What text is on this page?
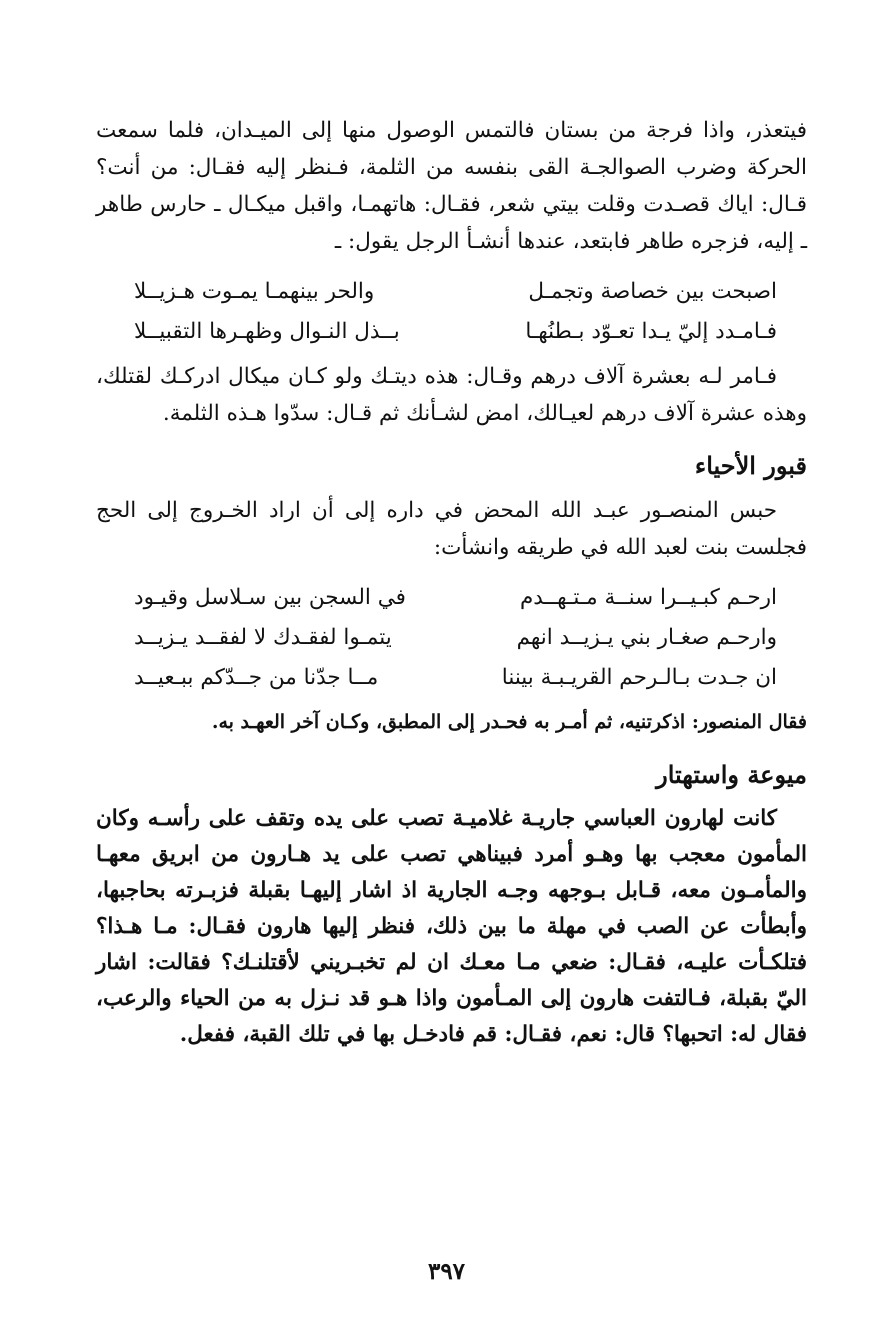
فيتعذر، واذا فرجة من بستان فالتمس الوصول منها إلى الميـدان، فلما سمعت الحركة وضرب الصوالجـة القى بنفسه من الثلمة، فـنظر إليه فقـال: من أنت؟ قـال: اياك قصـدت وقلت بيتي شعر، فقـال: هاتهمـا، واقبل ميكـال ـ حارس طاهر ـ إليه، فزجره طاهر فابتعد، عندها أنشـأ الرجل يقول: ـ

اصبحت بين خصاصة وتجمـل
والحر بينهمـا يمـوت هـزيــلا
فـامـدد إليّ يـدا تعـوّد بـطنُهـا
بــذل النـوال وظهـرها التقبيــلا

فـامر لـه بعشرة آلاف درهم وقـال: هذه ديتـك ولو كـان ميكال ادركـك لقتلك، وهذه عشرة آلاف درهم لعيـالك، امض لشـأنك ثم قـال: سدّوا هـذه الثلمة.

قبور الأحياء

حبس المنصـور عبـد الله المحض في داره إلى أن اراد الخـروج إلى الحج فجلست بنت لعبد الله في طريقه وانشأت:

ارحـم كبـيــرا سنــة مـتـهــدم
في السجن بين سـلاسل وقيـود
وارحـم صغـار بني يـزيــد انهم
يتمـوا لفقـدك لا لفقــد يـزيــد
ان جـدت بـالـرحم القريـبـة بيننا
مــا جدّنا من جــدّكم ببـعيــد

فقال المنصور: اذكرتنيه، ثم أمـر به فحـدر إلى المطبق، وكـان آخر العهـد به.

ميوعة واستهتار

كانت لهارون العباسي جاريـة غلاميـة تصب على يده وتقف على رأسـه وكان المأمون معجب بها وهـو أمرد فبيناهي تصب على يد هـارون من ابريق معهـا والمأمـون معه، قـابل بـوجهه وجـه الجارية اذ اشار إليهـا بقبلة فزبـرته بحاجبها، وأبطأت عن الصب في مهلة ما بين ذلك، فنظر إليها هارون فقـال: مـا هـذا؟ فتلكـأت عليـه، فقـال: ضعي مـا معـك ان لم تخبـريني لأقتلنـك؟ فقالت: اشار اليّ بقبلة، فـالتفت هارون إلى المـأمون واذا هـو قد نـزل به من الحياء والرعب، فقال له: اتحبها؟ قال: نعم، فقـال: قم فادخـل بها في تلك القبة، ففعل.

٣٩٧
